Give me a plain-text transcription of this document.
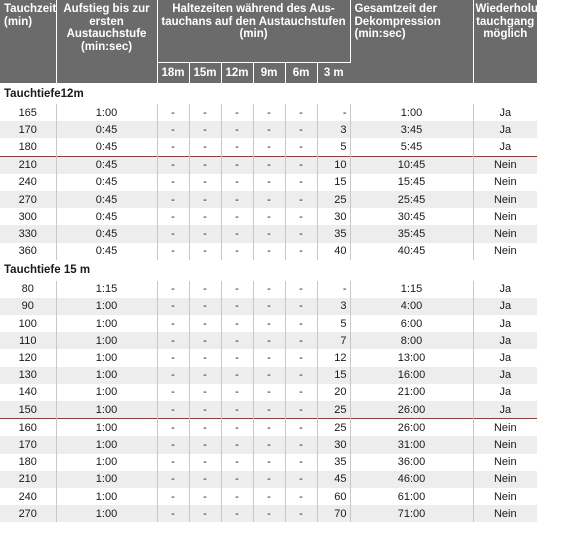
Tauchzeit (min)	Aufstieg bis zur ersten Austauchstufe (min:sec)	Haltezeiten während des Aus-tauchans auf den Austauchstufen (min)						Gesamtzeit der Dekompression (min:sec)	Wiederholungs-tauchgang möglich
		18m	15m	12m	9m	6m	3 m		
Tauchtiefe12m									
165	1:00	-	-	-	-	-	-	1:00	Ja
170	0:45	-	-	-	-	-	3	3:45	Ja
180	0:45	-	-	-	-	-	5	5:45	Ja
210	0:45	-	-	-	-	-	10	10:45	Nein
240	0:45	-	-	-	-	-	15	15:45	Nein
270	0:45	-	-	-	-	-	25	25:45	Nein
300	0:45	-	-	-	-	-	30	30:45	Nein
330	0:45	-	-	-	-	-	35	35:45	Nein
360	0:45	-	-	-	-	-	40	40:45	Nein
Tauchtiefe 15 m									
80	1:15	-	-	-	-	-	-	1:15	Ja
90	1:00	-	-	-	-	-	3	4:00	Ja
100	1:00	-	-	-	-	-	5	6:00	Ja
110	1:00	-	-	-	-	-	7	8:00	Ja
120	1:00	-	-	-	-	-	12	13:00	Ja
130	1:00	-	-	-	-	-	15	16:00	Ja
140	1:00	-	-	-	-	-	20	21:00	Ja
150	1:00	-	-	-	-	-	25	26:00	Ja
160	1:00	-	-	-	-	-	25	26:00	Nein
170	1:00	-	-	-	-	-	30	31:00	Nein
180	1:00	-	-	-	-	-	35	36:00	Nein
210	1:00	-	-	-	-	-	45	46:00	Nein
240	1:00	-	-	-	-	-	60	61:00	Nein
270	1:00	-	-	-	-	-	70	71:00	Nein
